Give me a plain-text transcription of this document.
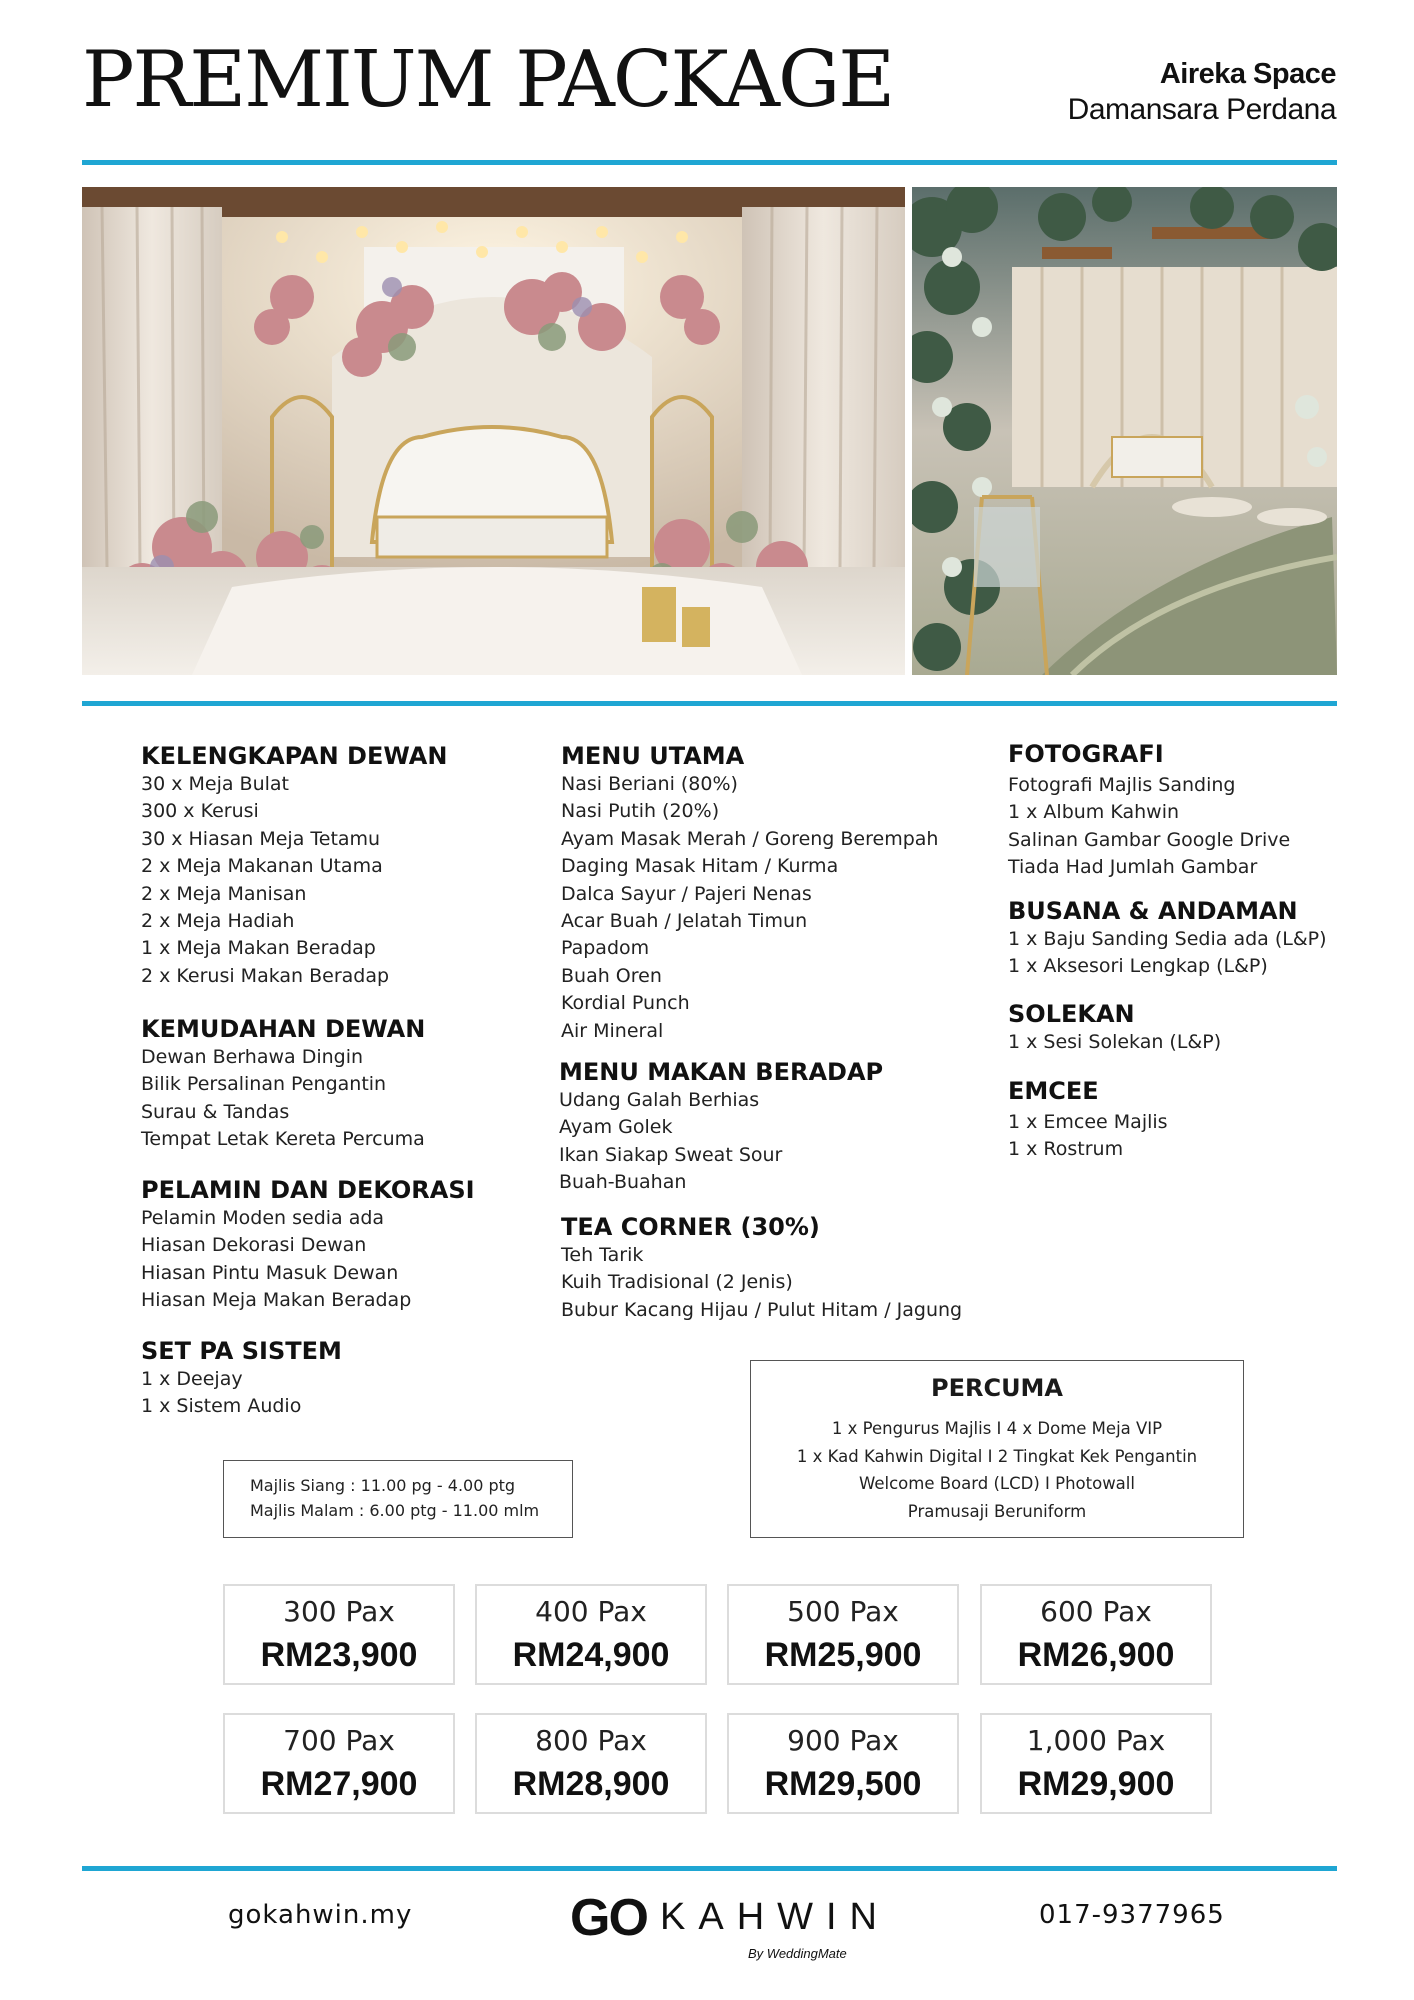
PREMIUM PACKAGE	Aireka Space
Damansara Perdana
KELENGKAPAN DEWAN
30 x Meja Bulat
300 x Kerusi
30 x Hiasan Meja Tetamu
2 x Meja Makanan Utama
2 x Meja Manisan
2 x Meja Hadiah
1 x Meja Makan Beradap
2 x Kerusi Makan Beradap
KEMUDAHAN DEWAN
Dewan Berhawa Dingin
Bilik Persalinan Pengantin
Surau & Tandas
Tempat Letak Kereta Percuma
PELAMIN DAN DEKORASI
Pelamin Moden sedia ada
Hiasan Dekorasi Dewan
Hiasan Pintu Masuk Dewan
Hiasan Meja Makan Beradap
SET PA SISTEM
1 x Deejay
1 x Sistem Audio
MENU UTAMA
Nasi Beriani (80%)
Nasi Putih (20%)
Ayam Masak Merah / Goreng Berempah
Daging Masak Hitam / Kurma
Dalca Sayur / Pajeri Nenas
Acar Buah / Jelatah Timun
Papadom
Buah Oren
Kordial Punch
Air Mineral
MENU MAKAN BERADAP
Udang Galah Berhias
Ayam Golek
Ikan Siakap Sweat Sour
Buah-Buahan
TEA CORNER (30%)
Teh Tarik
Kuih Tradisional (2 Jenis)
Bubur Kacang Hijau / Pulut Hitam / Jagung
FOTOGRAFI
Fotografi Majlis Sanding
1 x Album Kahwin
Salinan Gambar Google Drive
Tiada Had Jumlah Gambar
BUSANA & ANDAMAN
1 x Baju Sanding Sedia ada (L&P)
1 x Aksesori Lengkap (L&P)
SOLEKAN
1 x Sesi Solekan (L&P)
EMCEE
1 x Emcee Majlis
1 x Rostrum
Majlis Siang : 11.00 pg - 4.00 ptg
Majlis Malam : 6.00 ptg - 11.00 mlm
PERCUMA
1 x Pengurus Majlis I 4 x Dome Meja VIP
1 x Kad Kahwin Digital I 2 Tingkat Kek Pengantin
Welcome Board (LCD) I Photowall
Pramusaji Beruniform
300 Pax
RM23,900
400 Pax
RM24,900
500 Pax
RM25,900
600 Pax
RM26,900
700 Pax
RM27,900
800 Pax
RM28,900
900 Pax
RM29,500
1,000 Pax
RM29,900
gokahwin.my	GO KAHWIN
By WeddingMate
017-9377965
